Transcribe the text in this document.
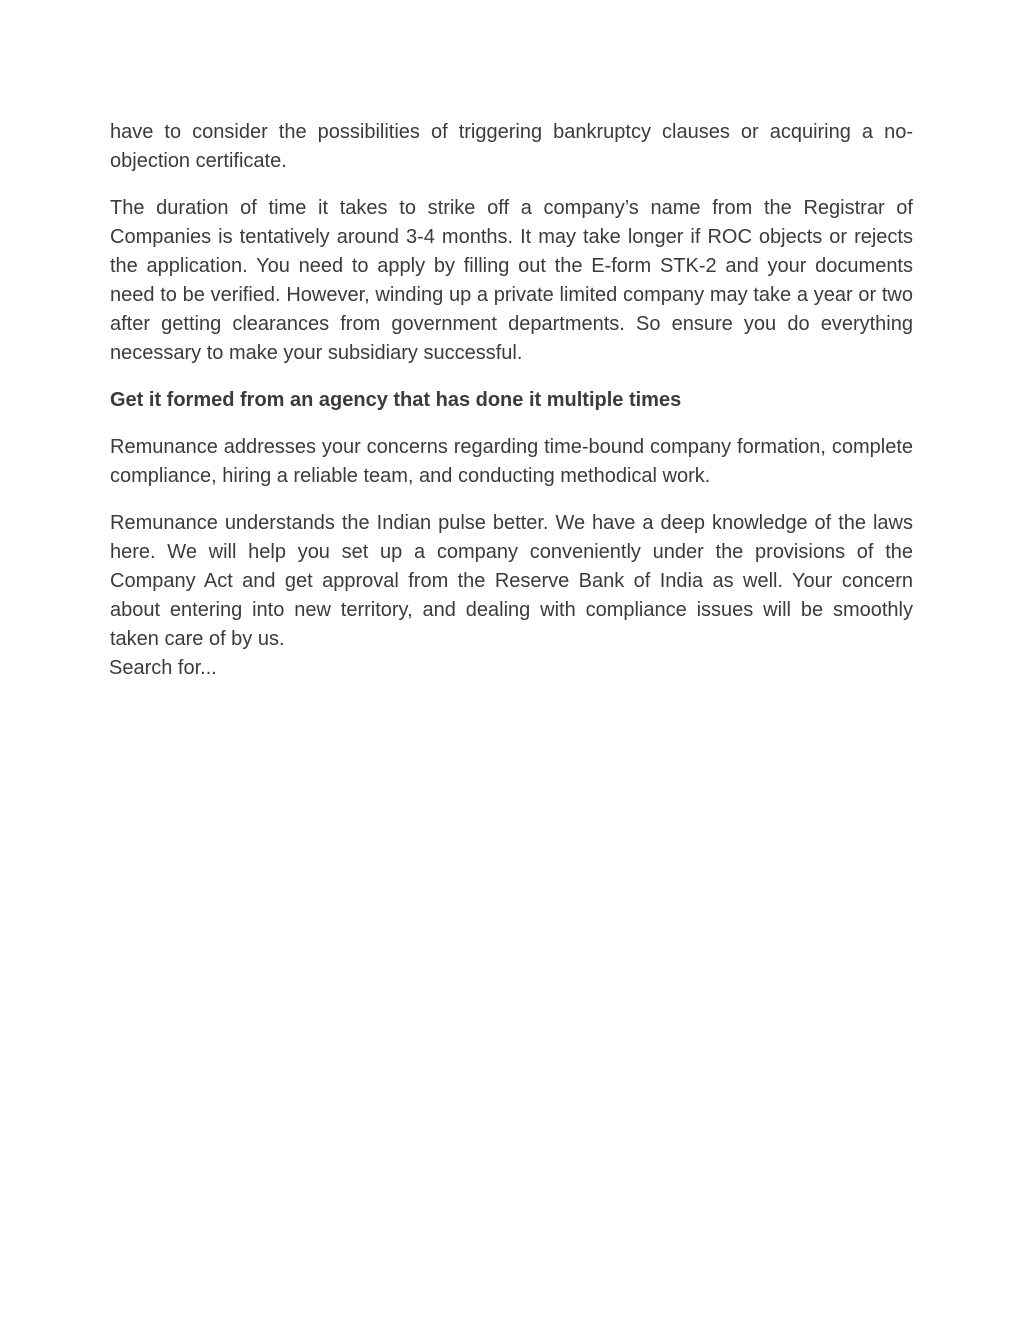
have to consider the possibilities of triggering bankruptcy clauses or acquiring a no-objection certificate.

The duration of time it takes to strike off a company’s name from the Registrar of Companies is tentatively around 3-4 months. It may take longer if ROC objects or rejects the application. You need to apply by filling out the E-form STK-2 and your documents need to be verified. However, winding up a private limited company may take a year or two after getting clearances from government departments. So ensure you do everything necessary to make your subsidiary successful.

Get it formed from an agency that has done it multiple times

Remunance addresses your concerns regarding time-bound company formation, complete compliance, hiring a reliable team, and conducting methodical work.

Remunance understands the Indian pulse better. We have a deep knowledge of the laws here. We will help you set up a company conveniently under the provisions of the Company Act and get approval from the Reserve Bank of India as well. Your concern about entering into new territory, and dealing with compliance issues will be smoothly taken care of by us.

Search for...
